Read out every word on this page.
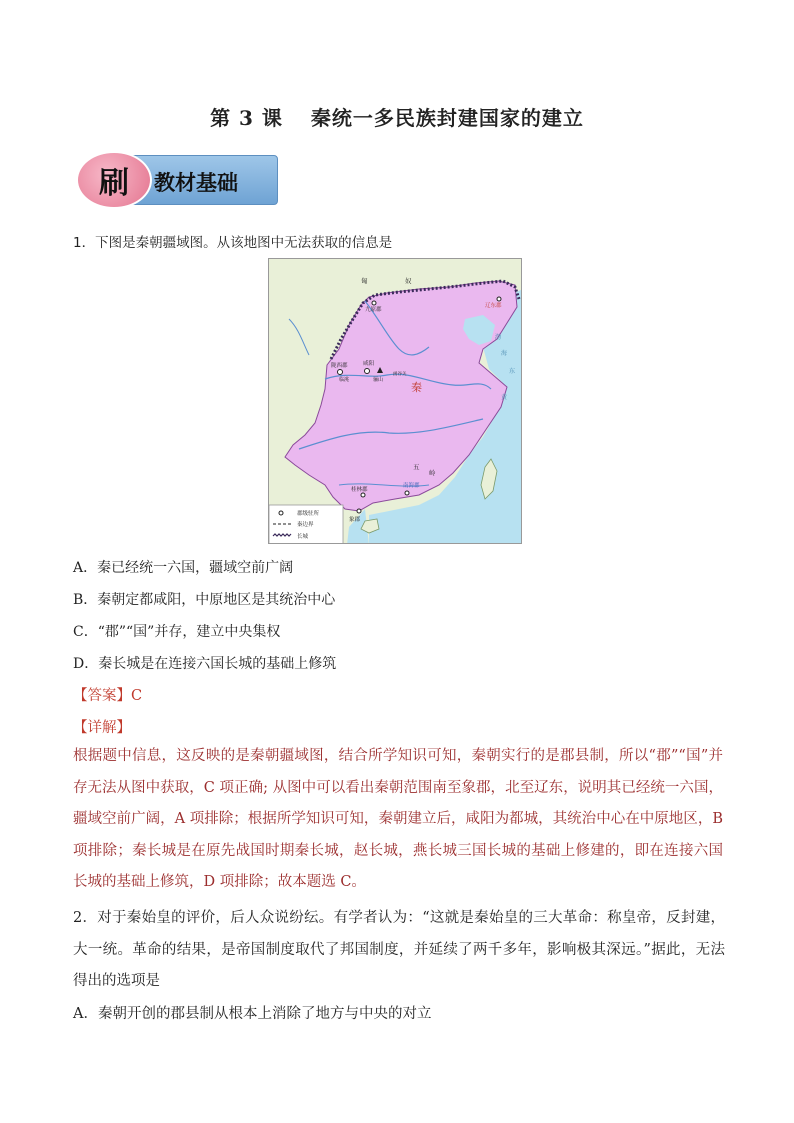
第 3 课 秦统一多民族封建国家的建立
刷	教材基础
1．下图是秦朝疆域图。从该地图中无法获取的信息是
匈	奴
九原郡
辽东郡
陇西郡	咸阳
临洮	骊山
函谷关
秦
渤
海
黄
东
五
岭
桂林郡
南海郡
象郡
郡级驻所
秦边界
长城
A．秦已经统一六国，疆域空前广阔
B．秦朝定都咸阳，中原地区是其统治中心
C．“郡”“国”并存，建立中央集权
D．秦长城是在连接六国长城的基础上修筑
【答案】C
【详解】
根据题中信息，这反映的是秦朝疆域图，结合所学知识可知，秦朝实行的是郡县制，所以“郡”“国”并存无法从图中获取，C 项正确; 从图中可以看出秦朝范围南至象郡，北至辽东，说明其已经统一六国，疆域空前广阔，A 项排除；根据所学知识可知，秦朝建立后，咸阳为都城，其统治中心在中原地区，B 项排除；秦长城是在原先战国时期秦长城，赵长城，燕长城三国长城的基础上修建的，即在连接六国长城的基础上修筑，D 项排除；故本题选 C。
2．对于秦始皇的评价，后人众说纷纭。有学者认为：“这就是秦始皇的三大革命：称皇帝，反封建，大一统。革命的结果，是帝国制度取代了邦国制度，并延续了两千多年，影响极其深远。”据此，无法得出的选项是
A．秦朝开创的郡县制从根本上消除了地方与中央的对立
